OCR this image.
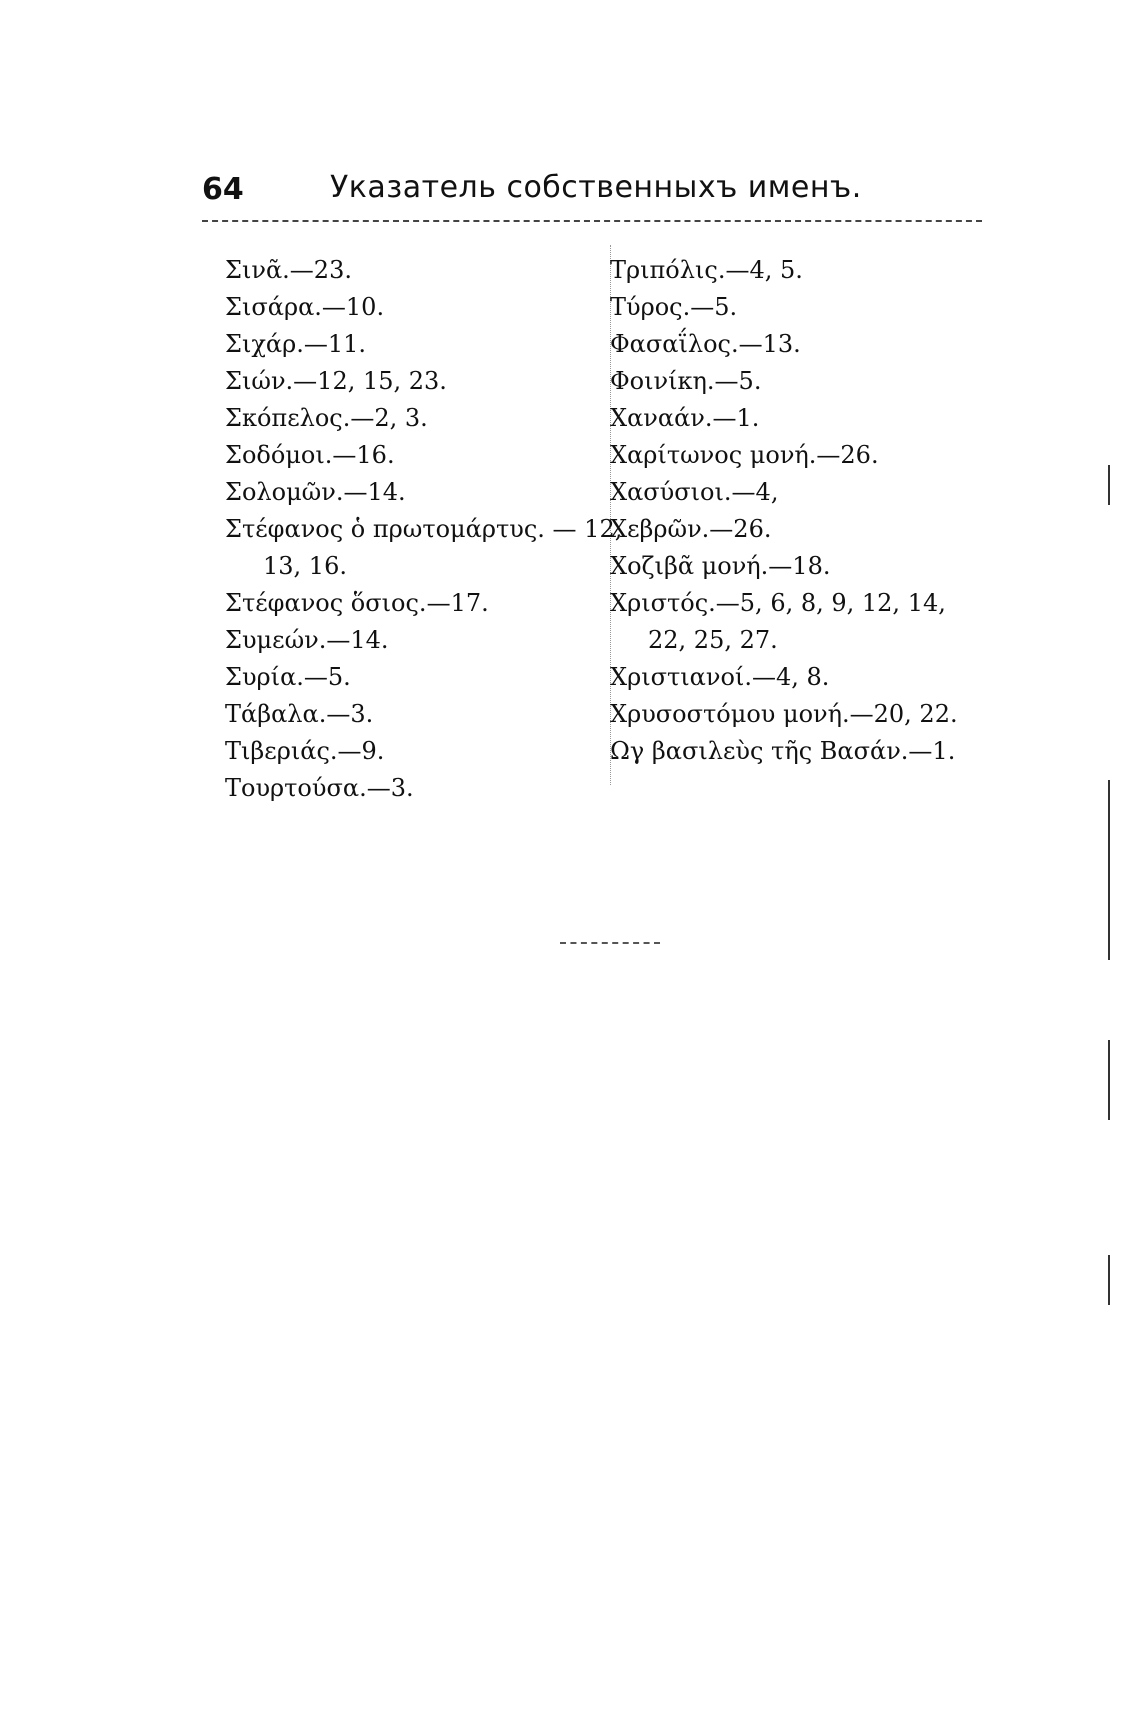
64	Указатель собственныхъ именъ.
Σινᾶ.—23.
Σισάρα.—10.
Σιχάρ.—11.
Σιών.—12, 15, 23.
Σκόπελος.—2, 3.
Σοδόμοι.—16.
Σολομῶν.—14.
Στέφανος ὁ πρωτομάρτυς. — 12,
13, 16.
Στέφανος ὅσιος.—17.
Συμεών.—14.
Συρία.—5.
Τάβαλα.—3.
Τιβεριάς.—9.
Τουρτούσα.—3.
Τριπόλις.—4, 5.
Τύρος.—5.
Φασαΐλος.—13.
Φοινίκη.—5.
Χαναάν.—1.
Χαρίτωνος μονή.—26.
Χασύσιοι.—4,
Χεβρῶν.—26.
Χοζιβᾶ μονή.—18.
Χριστός.—5, 6, 8, 9, 12, 14,
22, 25, 27.
Χριστιανοί.—4, 8.
Χρυσοστόμου μονή.—20, 22.
Ωγ βασιλεὺς τῆς Βασάν.—1.
